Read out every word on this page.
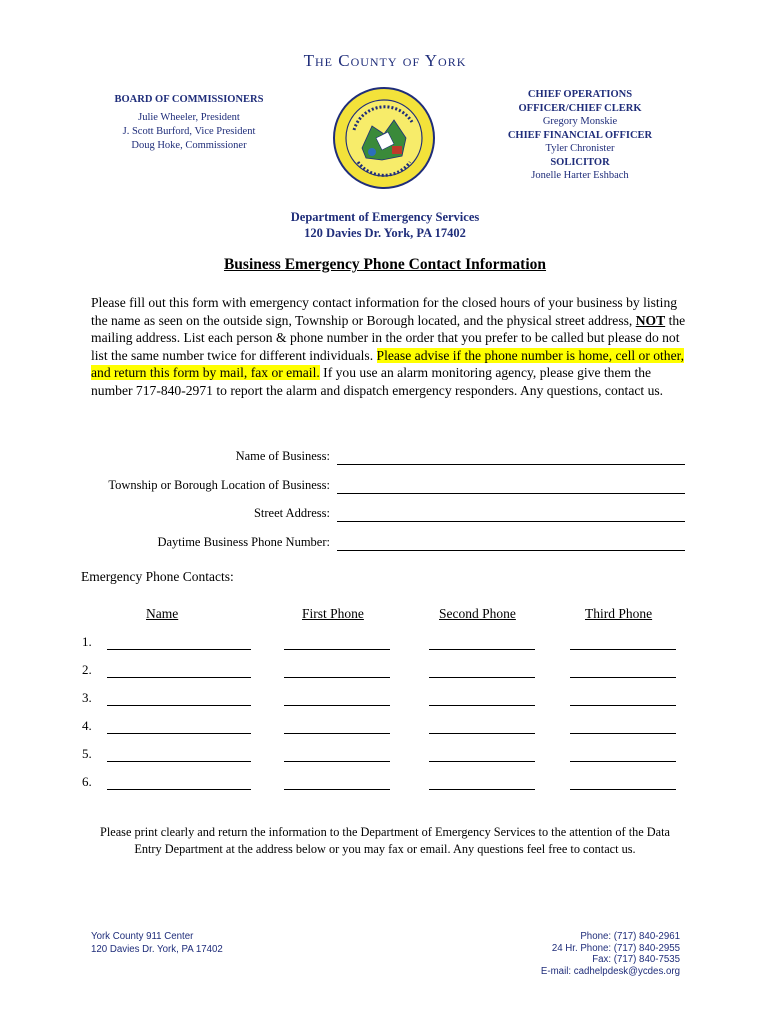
The County of York
BOARD OF COMMISSIONERS
Julie Wheeler, President
J. Scott Burford, Vice President
Doug Hoke, Commissioner
CHIEF OPERATIONS
OFFICER/CHIEF CLERK
Gregory Monskie
CHIEF FINANCIAL OFFICER
Tyler Chronister
SOLICITOR
Jonelle Harter Eshbach
Department of Emergency Services
120 Davies Dr. York, PA 17402
Business Emergency Phone Contact Information
Please fill out this form with emergency contact information for the closed hours of your business by listing the name as seen on the outside sign, Township or Borough located, and the physical street address, NOT the mailing address. List each person & phone number in the order that you prefer to be called but please do not list the same number twice for different individuals. Please advise if the phone number is home, cell or other, and return this form by mail, fax or email. If you use an alarm monitoring agency, please give them the number 717-840-2971 to report the alarm and dispatch emergency responders. Any questions, contact us.
Name of Business:
Township or Borough Location of Business:
Street Address:
Daytime Business Phone Number:
Emergency Phone Contacts:
Name	First Phone	Second Phone	Third Phone
1.
2.
3.
4.
5.
6.
Please print clearly and return the information to the Department of Emergency Services to the attention of the Data Entry Department at the address below or you may fax or email. Any questions feel free to contact us.
York County 911 Center
120 Davies Dr. York, PA 17402
Phone: (717) 840-2961
24 Hr. Phone: (717) 840-2955
Fax: (717) 840-7535
E-mail: cadhelpdesk@ycdes.org
